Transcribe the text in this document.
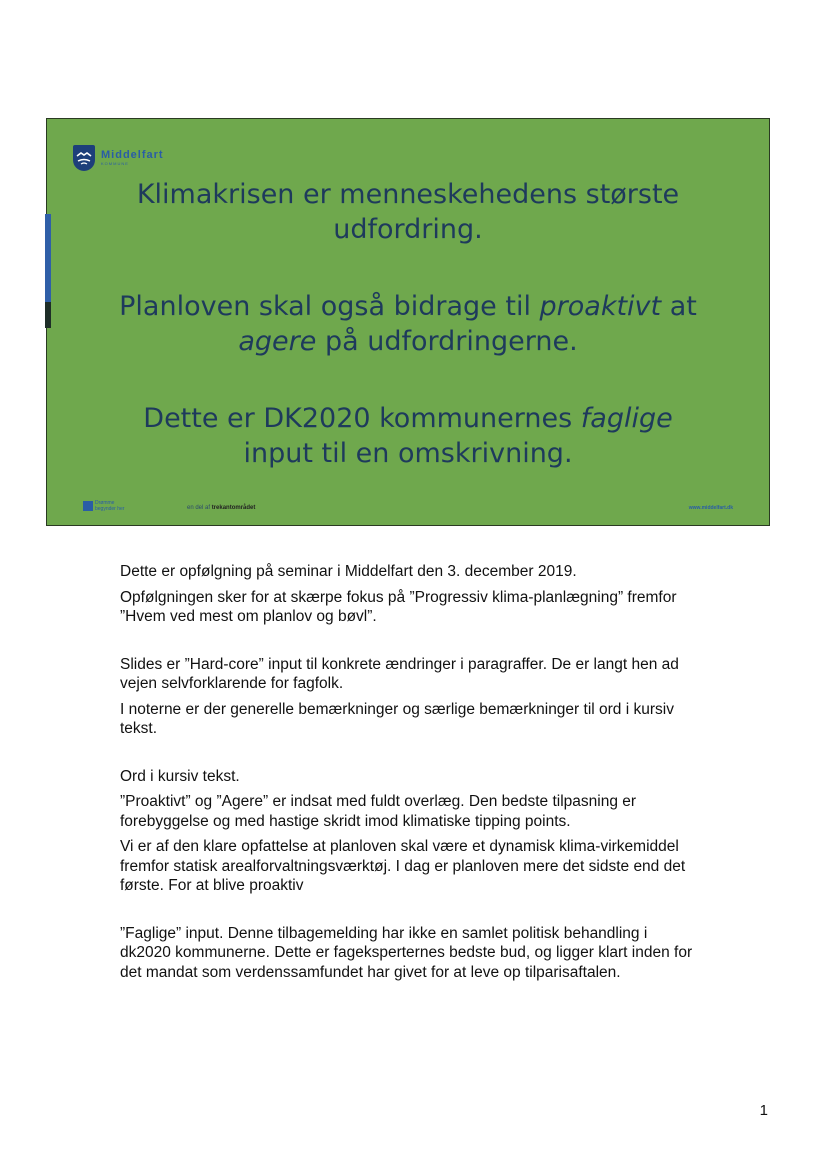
Middelfart
KOMMUNE
Klimakrisen er menneskehedens største
udfordring.
Planloven skal også bidrage til proaktivt at
agere på udfordringerne.
Dette er DK2020 kommunernes faglige
input til en omskrivning.
Drømme
begynder her	en del af trekantområdet	www.middelfart.dk

Dette er opfølgning på seminar i Middelfart den 3. december 2019.

Opfølgningen sker for at skærpe fokus på ”Progressiv klima-planlægning” fremfor ”Hvem ved mest om planlov og bøvl”.

Slides er ”Hard-core” input til konkrete ændringer i paragraffer. De er langt hen ad vejen selvforklarende for fagfolk.

I noterne er der generelle bemærkninger og særlige bemærkninger til ord i kursiv tekst.

Ord i kursiv tekst.

”Proaktivt” og ”Agere” er indsat med fuldt overlæg. Den bedste tilpasning er forebyggelse og med hastige skridt imod klimatiske tipping points.

Vi er af den klare opfattelse at planloven skal være et dynamisk klima-virkemiddel fremfor statisk arealforvaltningsværktøj. I dag er planloven mere det sidste end det første. For at blive proaktiv

”Faglige” input. Denne tilbagemelding har ikke en samlet politisk behandling i dk2020 kommunerne. Dette er fageksperternes bedste bud, og ligger klart inden for det mandat som verdenssamfundet har givet for at leve op tilparisaftalen.

1
